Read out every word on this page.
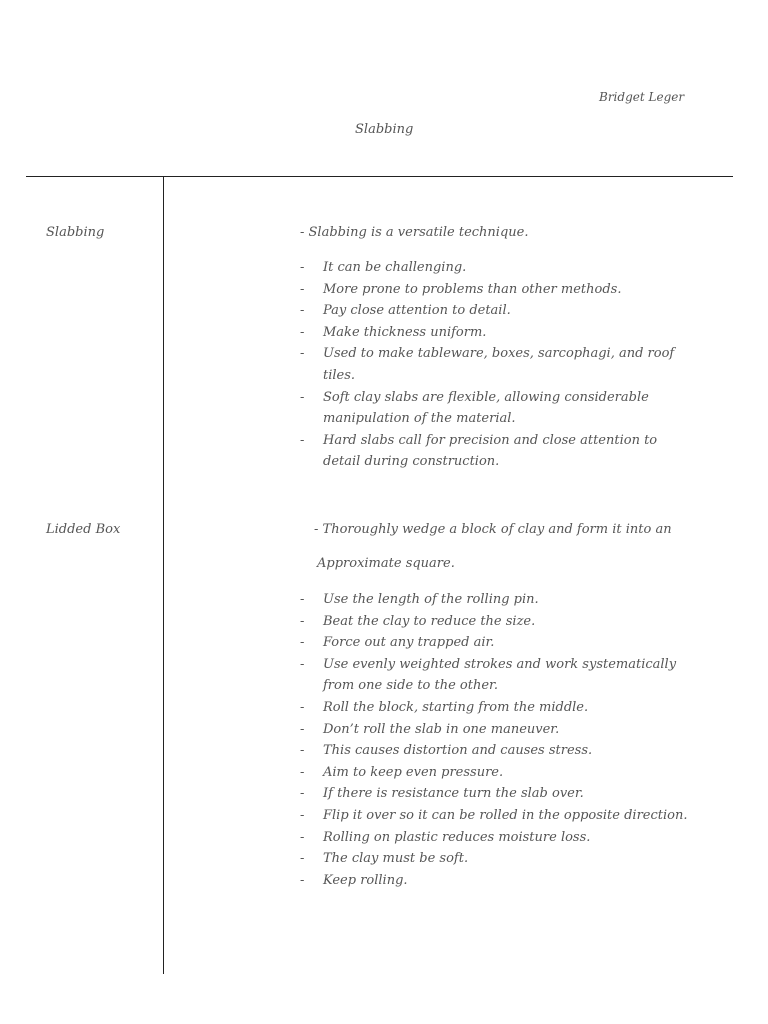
Bridget Leger
Slabbing
Slabbing	- Slabbing is a versatile technique.
- It can be challenging.
- More prone to problems than other methods.
- Pay close attention to detail.
- Make thickness uniform.
- Used to make tableware, boxes, sarcophagi, and roof tiles.
- Soft clay slabs are flexible, allowing considerable manipulation of the material.
- Hard slabs call for precision and close attention to detail during construction.
Lidded Box	- Thoroughly wedge a block of clay and form it into an
Approximate square.
- Use the length of the rolling pin.
- Beat the clay to reduce the size.
- Force out any trapped air.
- Use evenly weighted strokes and work systematically from one side to the other.
- Roll the block, starting from the middle.
- Don’t roll the slab in one maneuver.
- This causes distortion and causes stress.
- Aim to keep even pressure.
- If there is resistance turn the slab over.
- Flip it over so it can be rolled in the opposite direction.
- Rolling on plastic reduces moisture loss.
- The clay must be soft.
- Keep rolling.
